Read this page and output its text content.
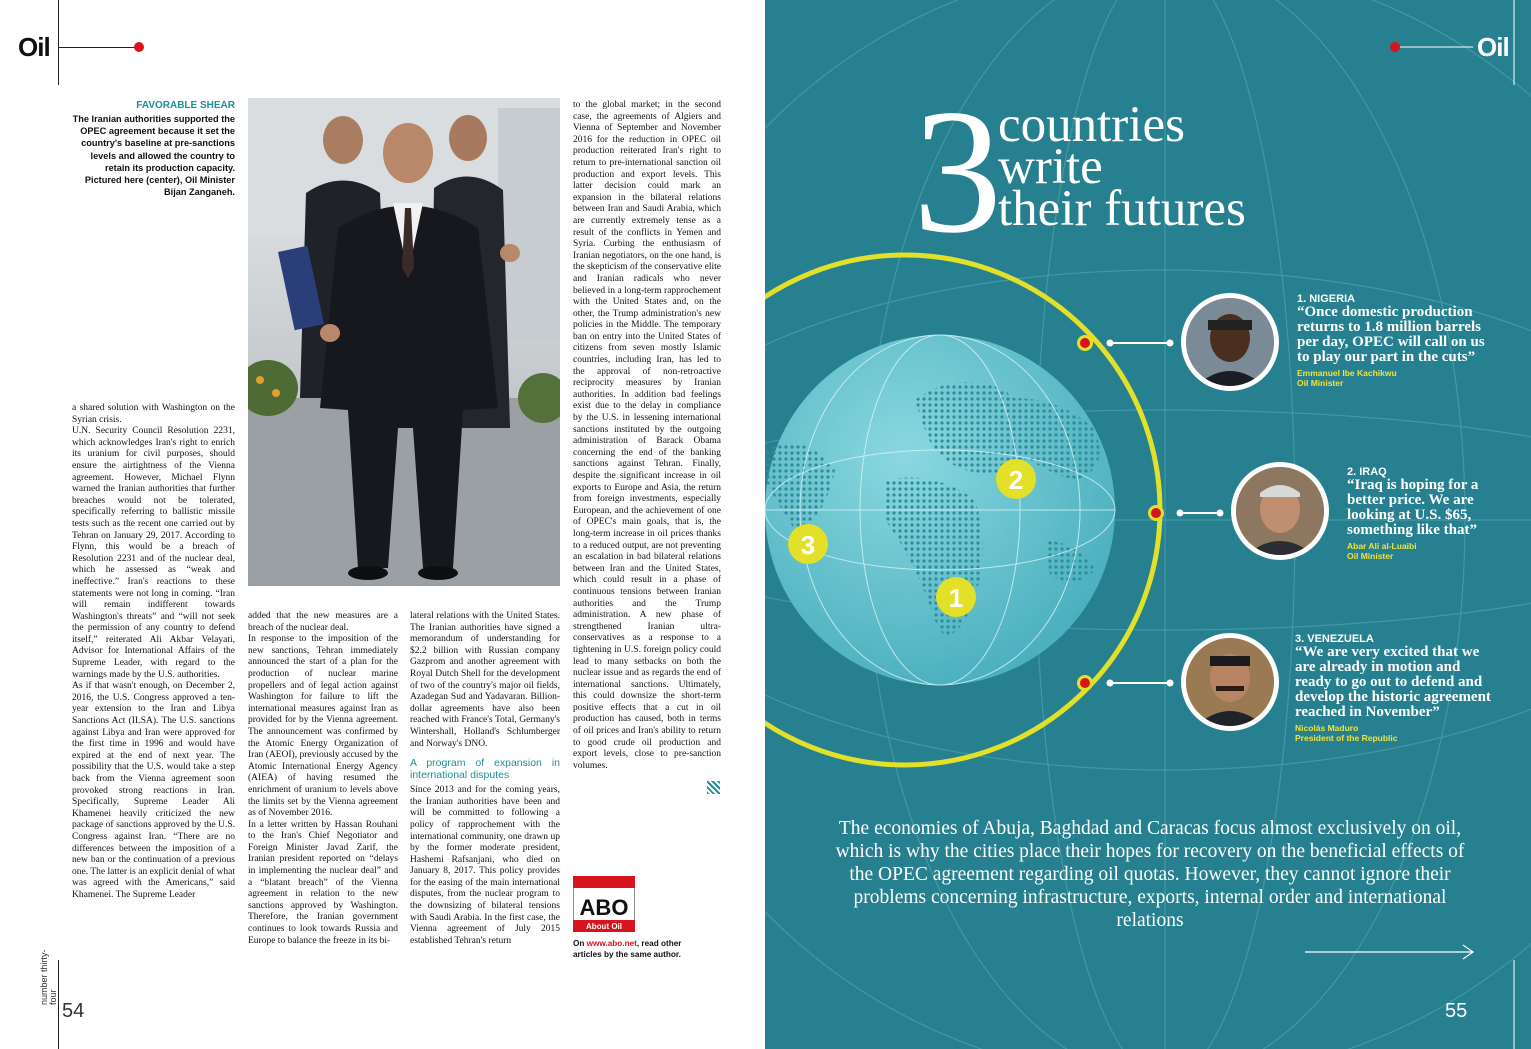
Oil
FAVORABLE SHEAR
The Iranian authorities supported the OPEC agreement because it set the country's baseline at pre-sanctions levels and allowed the country to retain its production capacity. Pictured here (center), Oil Minister Bijan Zanganeh.

a shared solution with Washington on the Syrian crisis.

U.N. Security Council Resolution 2231, which acknowledges Iran's right to enrich its uranium for civil purposes, should ensure the airtightness of the Vienna agreement. However, Michael Flynn warned the Iranian authorities that further breaches would not be tolerated, specifically referring to ballistic missile tests such as the recent one carried out by Tehran on January 29, 2017. According to Flynn, this would be a breach of Resolution 2231 and of the nuclear deal, which he assessed as “weak and ineffective.” Iran's reactions to these statements were not long in coming. “Iran will remain indifferent towards Washington's threats” and “will not seek the permission of any country to defend itself,” reiterated Ali Akbar Velayati, Advisor for International Affairs of the Supreme Leader, with regard to the warnings made by the U.S. authorities.

As if that wasn't enough, on December 2, 2016, the U.S. Congress approved a ten-year extension to the Iran and Libya Sanctions Act (ILSA). The U.S. sanctions against Libya and Iran were approved for the first time in 1996 and would have expired at the end of next year. The possibility that the U.S. would take a step back from the Vienna agreement soon provoked strong reactions in Iran. Specifically, Supreme Leader Ali Khamenei heavily criticized the new package of sanctions approved by the U.S. Congress against Iran. “There are no differences between the imposition of a new ban or the continuation of a previous one. The latter is an explicit denial of what was agreed with the Americans,” said Khamenei. The Supreme Leader

added that the new measures are a breach of the nuclear deal.

In response to the imposition of the new sanctions, Tehran immediately announced the start of a plan for the production of nuclear marine propellers and of legal action against Washington for failure to lift the international measures against Iran as provided for by the Vienna agreement. The announcement was confirmed by the Atomic Energy Organization of Iran (AEOI), previously accused by the Atomic International Energy Agency (AIEA) of having resumed the enrichment of uranium to levels above the limits set by the Vienna agreement as of November 2016.

In a letter written by Hassan Rouhani to the Iran's Chief Negotiator and Foreign Minister Javad Zarif, the Iranian president reported on “delays in implementing the nuclear deal” and a “blatant breach” of the Vienna agreement in relation to the new sanctions approved by Washington. Therefore, the Iranian government continues to look towards Russia and Europe to balance the freeze in its bi-

lateral relations with the United States. The Iranian authorities have signed a memorandum of understanding for $2.2 billion with Russian company Gazprom and another agreement with Royal Dutch Shell for the development of two of the country's major oil fields, Azadegan Sud and Yadavaran. Billion-dollar agreements have also been reached with France's Total, Germany's Wintershall, Holland's Schlumberger and Norway's DNO.

A program of expansion in international disputes

Since 2013 and for the coming years, the Iranian authorities have been and will be committed to following a policy of rapprochement with the international community, one drawn up by the former moderate president, Hashemi Rafsanjani, who died on January 8, 2017. This policy provides for the easing of the main international disputes, from the nuclear program to the downsizing of bilateral tensions with Saudi Arabia. In the first case, the Vienna agreement of July 2015 established Tehran's return

to the global market; in the second case, the agreements of Algiers and Vienna of September and November 2016 for the reduction in OPEC oil production reiterated Iran's right to return to pre-international sanction oil production and export levels. This latter decision could mark an expansion in the bilateral relations between Iran and Saudi Arabia, which are currently extremely tense as a result of the conflicts in Yemen and Syria. Curbing the enthusiasm of Iranian negotiators, on the one hand, is the skepticism of the conservative elite and Iranian radicals who never believed in a long-term rapprochement with the United States and, on the other, the Trump administration's new policies in the Middle. The temporary ban on entry into the United States of citizens from seven mostly Islamic countries, including Iran, has led to the approval of non-retroactive reciprocity measures by Iranian authorities. In addition bad feelings exist due to the delay in compliance by the U.S. in lessening international sanctions instituted by the outgoing administration of Barack Obama concerning the end of the banking sanctions against Tehran. Finally, despite the significant increase in oil exports to Europe and Asia, the return from foreign investments, especially European, and the achievement of one of OPEC's main goals, that is, the long-term increase in oil prices thanks to a reduced output, are not preventing an escalation in bad bilateral relations between Iran and the United States, which could result in a phase of continuous tensions between Iranian authorities and the Trump administration. A new phase of strengthened Iranian ultra-conservatives as a response to a tightening in U.S. foreign policy could lead to many setbacks on both the nuclear issue and as regards the end of international sanctions. Ultimately, this could downsize the short-term positive effects that a cut in oil production has caused, both in terms of oil prices and Iran's ability to return to good crude oil production and export levels, close to pre-sanction volumes.

ABO
About Oil
On www.abo.net, read other articles by the same author.
number thirty-four
54
1
2
3
Oil
3
countries
write
their futures
1. NIGERIA
“Once domestic production returns to 1.8 million barrels per day, OPEC will call on us to play our part in the cuts”
Emmanuel Ibe Kachikwu
Oil Minister
2. IRAQ
“Iraq is hoping for a better price. We are looking at U.S. $65, something like that”
Abar Ali al-Luaibi
Oil Minister
3. VENEZUELA
“We are very excited that we are already in motion and ready to go out to defend and develop the historic agreement reached in November”
Nicolás Maduro
President of the Republic
The economies of Abuja, Baghdad and Caracas focus almost exclusively on oil, which is why the cities place their hopes for recovery on the beneficial effects of the OPEC agreement regarding oil quotas. However, they cannot ignore their problems concerning infrastructure, exports, internal order and international relations
55
